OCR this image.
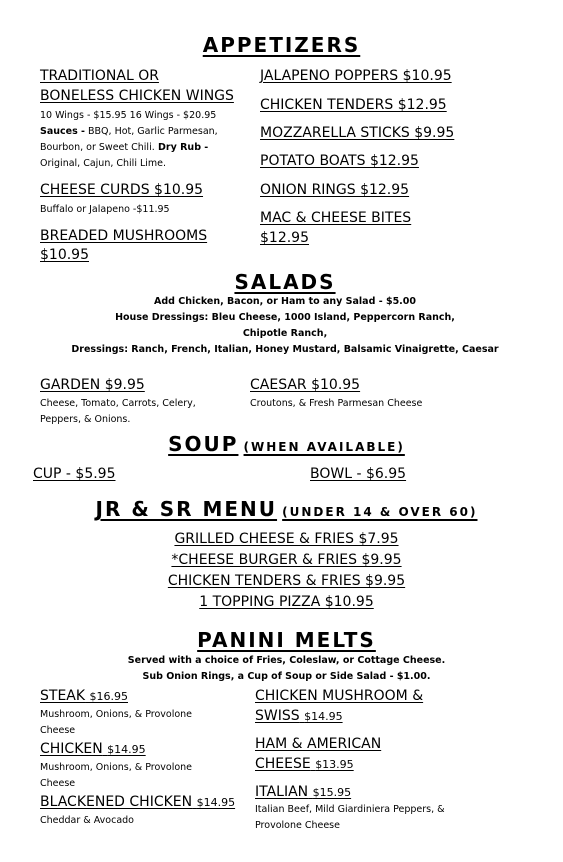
APPETIZERS
TRADITIONAL OR
BONELESS CHICKEN WINGS
10 Wings - $15.95 16 Wings - $20.95
Sauces - BBQ, Hot, Garlic Parmesan,
Bourbon, or Sweet Chili. Dry Rub -
Original, Cajun, Chili Lime.
CHEESE CURDS $10.95
Buffalo or Jalapeno -$11.95
BREADED MUSHROOMS
$10.95
JALAPENO POPPERS $10.95
CHICKEN TENDERS $12.95
MOZZARELLA STICKS $9.95
POTATO BOATS $12.95
ONION RINGS $12.95
MAC & CHEESE BITES
$12.95
SALADS
Add Chicken, Bacon, or Ham to any Salad - $5.00
House Dressings: Bleu Cheese, 1000 Island, Peppercorn Ranch,
Chipotle Ranch,
Dressings: Ranch, French, Italian, Honey Mustard, Balsamic Vinaigrette, Caesar
GARDEN $9.95
Cheese, Tomato, Carrots, Celery,
Peppers, & Onions.
CAESAR $10.95
Croutons, & Fresh Parmesan Cheese
SOUP (WHEN AVAILABLE)
CUP - $5.95	BOWL - $6.95
JR & SR MENU (UNDER 14 & OVER 60)
GRILLED CHEESE & FRIES $7.95
*CHEESE BURGER & FRIES $9.95
CHICKEN TENDERS & FRIES $9.95
1 TOPPING PIZZA $10.95
PANINI MELTS
Served with a choice of Fries, Coleslaw, or Cottage Cheese.
Sub Onion Rings, a Cup of Soup or Side Salad - $1.00.
STEAK $16.95
Mushroom, Onions, & Provolone
Cheese
CHICKEN $14.95
Mushroom, Onions, & Provolone
Cheese
BLACKENED CHICKEN $14.95
Cheddar & Avocado
CHICKEN MUSHROOM &
SWISS $14.95
HAM & AMERICAN
CHEESE $13.95
ITALIAN $15.95
Italian Beef, Mild Giardiniera Peppers, &
Provolone Cheese
